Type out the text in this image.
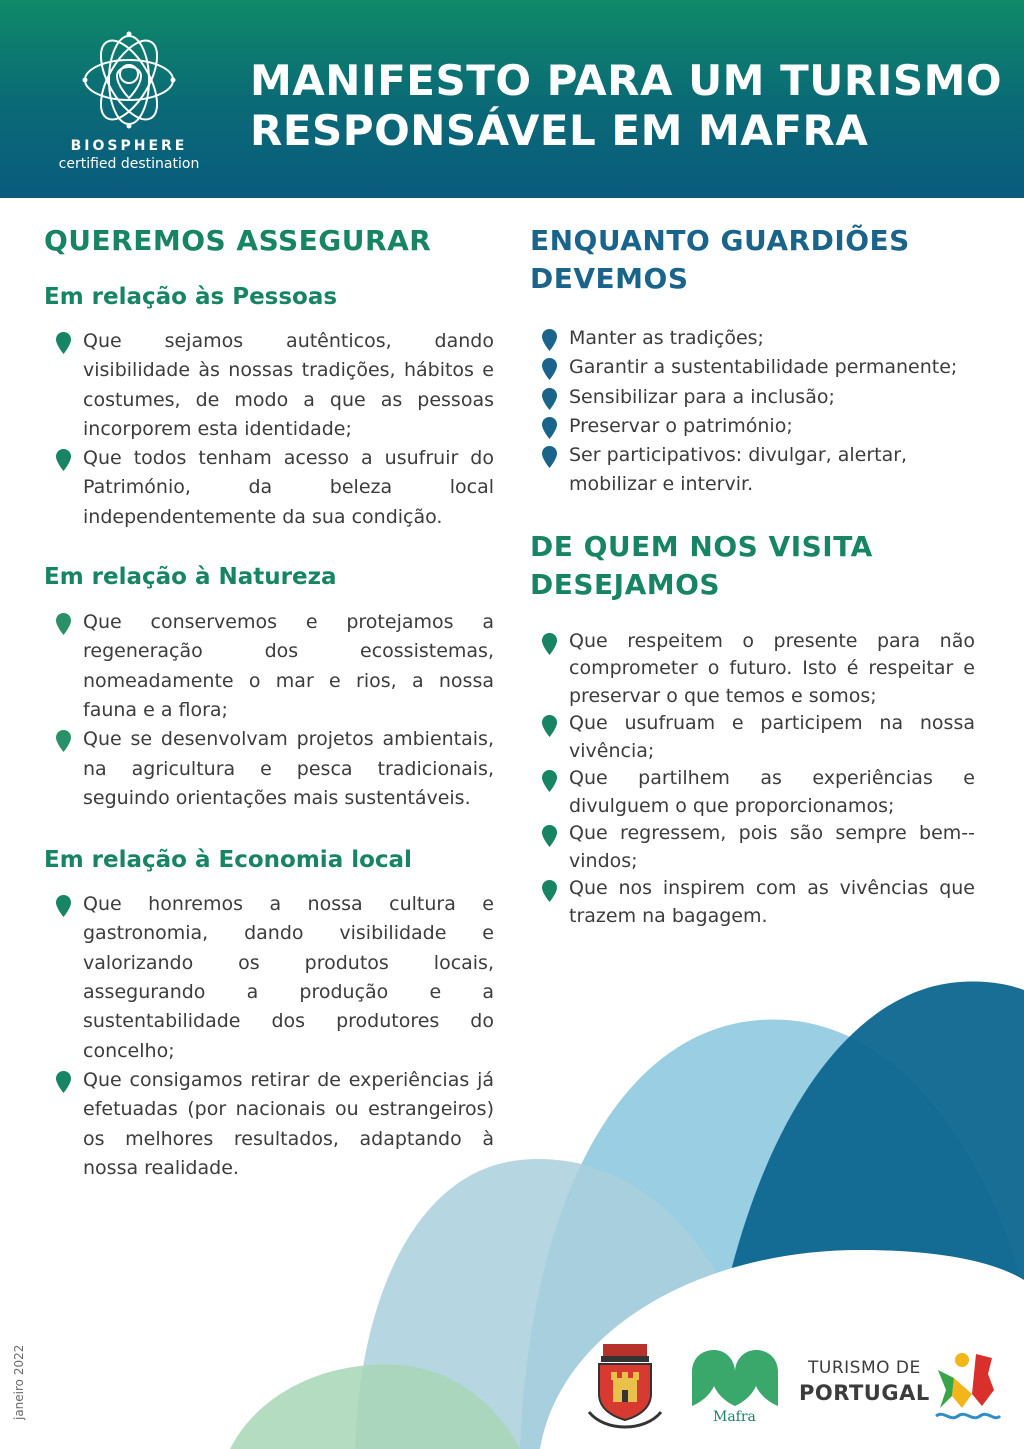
BIOSPHERE
certified destination
MANIFESTO PARA UM TURISMO RESPONSÁVEL EM MAFRA
QUEREMOS ASSEGURAR
Em relação às Pessoas
Que sejamos autênticos, dando visibilidade às nossas tradições, hábitos e costumes, de modo a que as pessoas incorporem esta identidade;
Que todos tenham acesso a usufruir do Património, da beleza local independentemente da sua condição.
Em relação à Natureza
Que conservemos e protejamos a regeneração dos ecossistemas, nomeadamente o mar e rios, a nossa fauna e a flora;
Que se desenvolvam projetos ambientais, na agricultura e pesca tradicionais, seguindo orientações mais sustentáveis.
Em relação à Economia local
Que honremos a nossa cultura e gastronomia, dando visibilidade e valorizando os produtos locais, assegurando a produção e a sustentabilidade dos produtores do concelho;
Que consigamos retirar de experiências já efetuadas (por nacionais ou estrangeiros) os melhores resultados, adaptando à nossa realidade.
ENQUANTO GUARDIÕES DEVEMOS
Manter as tradições;
Garantir a sustentabilidade permanente;
Sensibilizar para a inclusão;
Preservar o património;
Ser participativos: divulgar, alertar, mobilizar e intervir.
DE QUEM NOS VISITA DESEJAMOS
Que respeitem o presente para não comprometer o futuro. Isto é respeitar e preservar o que temos e somos;
Que usufruam e participem na nossa vivência;
Que partilhem as experiências e divulguem o que proporcionamos;
Que regressem, pois são sempre bem--vindos;
Que nos inspirem com as vivências que trazem na bagagem.
janeiro 2022	Mafra
TURISMO DE
PORTUGAL
